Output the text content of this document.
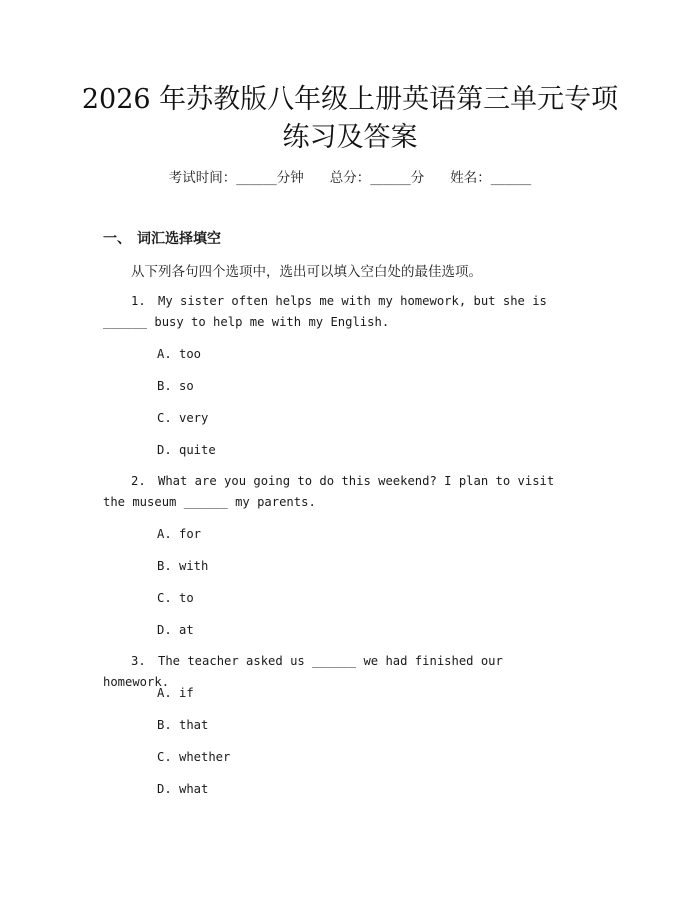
2026 年苏教版八年级上册英语第三单元专项
练习及答案
考试时间：______分钟 总分：______分 姓名：______
一、 词汇选择填空
从下列各句四个选项中，选出可以填入空白处的最佳选项。
1. My sister often helps me with my homework, but she is ______ busy to help me with my English.
A. too
B. so
C. very
D. quite
2. What are you going to do this weekend? I plan to visit the museum ______ my parents.
A. for
B. with
C. to
D. at
3. The teacher asked us ______ we had finished our homework.
A. if
B. that
C. whether
D. what
